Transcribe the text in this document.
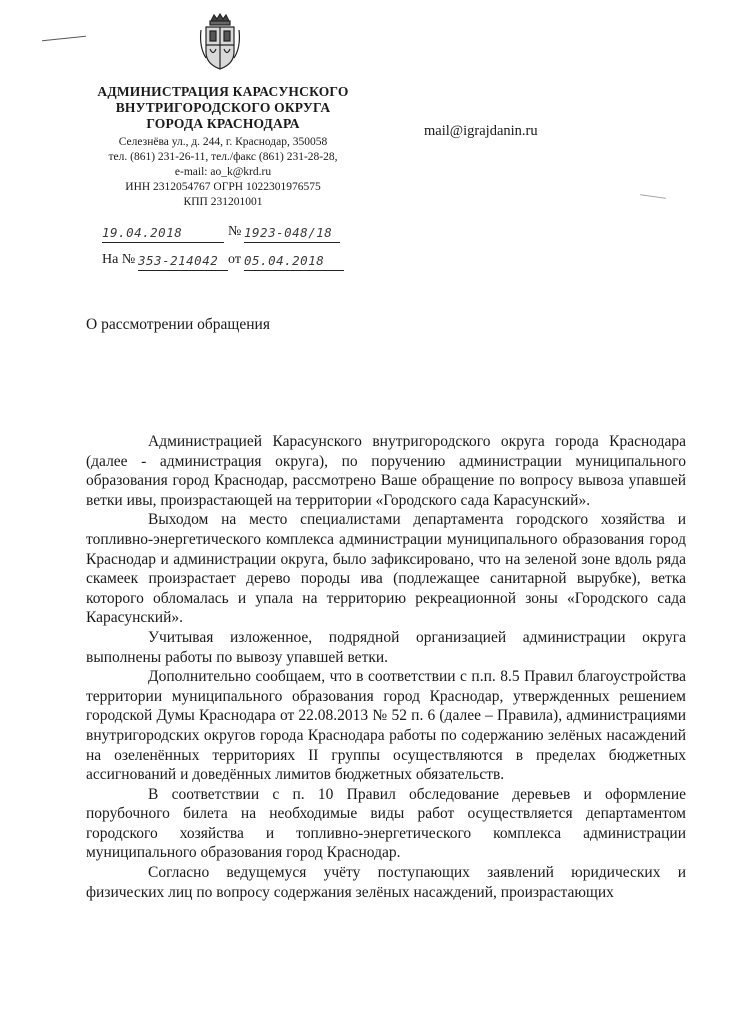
АДМИНИСТРАЦИЯ КАРАСУНСКОГО
ВНУТРИГОРОДСКОГО ОКРУГА
ГОРОДА КРАСНОДАРА
Селезнёва ул., д. 244, г. Краснодар, 350058
тел. (861) 231-26-11, тел./факс (861) 231-28-28,
e-mail: ao_k@krd.ru
ИНН 2312054767 ОГРН 1022301976575
КПП 231201001
mail@igrajdanin.ru
19.04.2018	№ 1923-048/18
На № 353-214042 от 05.04.2018
О рассмотрении обращения

Администрацией Карасунского внутригородского округа города Краснодара (далее - администрация округа), по поручению администрации муниципального образования город Краснодар, рассмотрено Ваше обращение по вопросу вывоза упавшей ветки ивы, произрастающей на территории «Городского сада Карасунский».

Выходом на место специалистами департамента городского хозяйства и топливно-энергетического комплекса администрации муниципального образования город Краснодар и администрации округа, было зафиксировано, что на зеленой зоне вдоль ряда скамеек произрастает дерево породы ива (подлежащее санитарной вырубке), ветка которого обломалась и упала на территорию рекреационной зоны «Городского сада Карасунский».

Учитывая изложенное, подрядной организацией администрации округа выполнены работы по вывозу упавшей ветки.

Дополнительно сообщаем, что в соответствии с п.п. 8.5 Правил благоустройства территории муниципального образования город Краснодар, утвержденных решением городской Думы Краснодара от 22.08.2013 № 52 п. 6 (далее – Правила), администрациями внутригородских округов города Краснодара работы по содержанию зелёных насаждений на озеленённых территориях II группы осуществляются в пределах бюджетных ассигнований и доведённых лимитов бюджетных обязательств.

В соответствии с п. 10 Правил обследование деревьев и оформление порубочного билета на необходимые виды работ осуществляется департаментом городского хозяйства и топливно-энергетического комплекса администрации муниципального образования город Краснодар.

Согласно ведущемуся учёту поступающих заявлений юридических и физических лиц по вопросу содержания зелёных насаждений, произрастающих
